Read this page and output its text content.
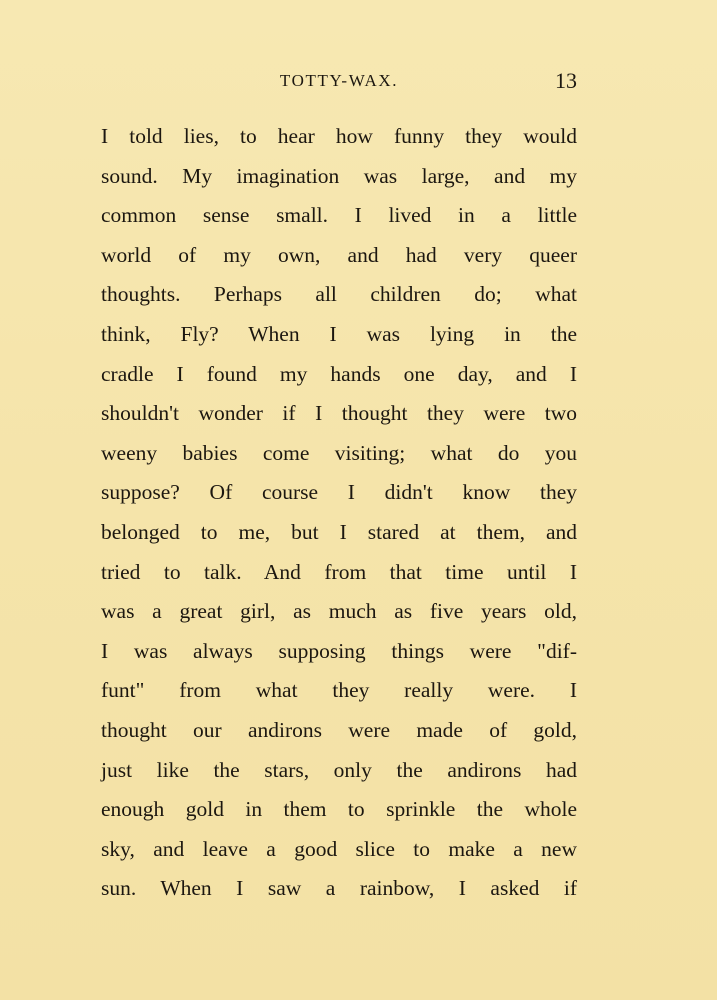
TOTTY-WAX.	13
I told lies, to hear how funny they would
sound. My imagination was large, and my
common sense small. I lived in a little
world of my own, and had very queer
thoughts. Perhaps all children do; what
think, Fly? When I was lying in the
cradle I found my hands one day, and I
shouldn't wonder if I thought they were two
weeny babies come visiting; what do you
suppose? Of course I didn't know they
belonged to me, but I stared at them, and
tried to talk. And from that time until I
was a great girl, as much as five years old,
I was always supposing things were "dif-
funt" from what they really were. I
thought our andirons were made of gold,
just like the stars, only the andirons had
enough gold in them to sprinkle the whole
sky, and leave a good slice to make a new
sun. When I saw a rainbow, I asked if
